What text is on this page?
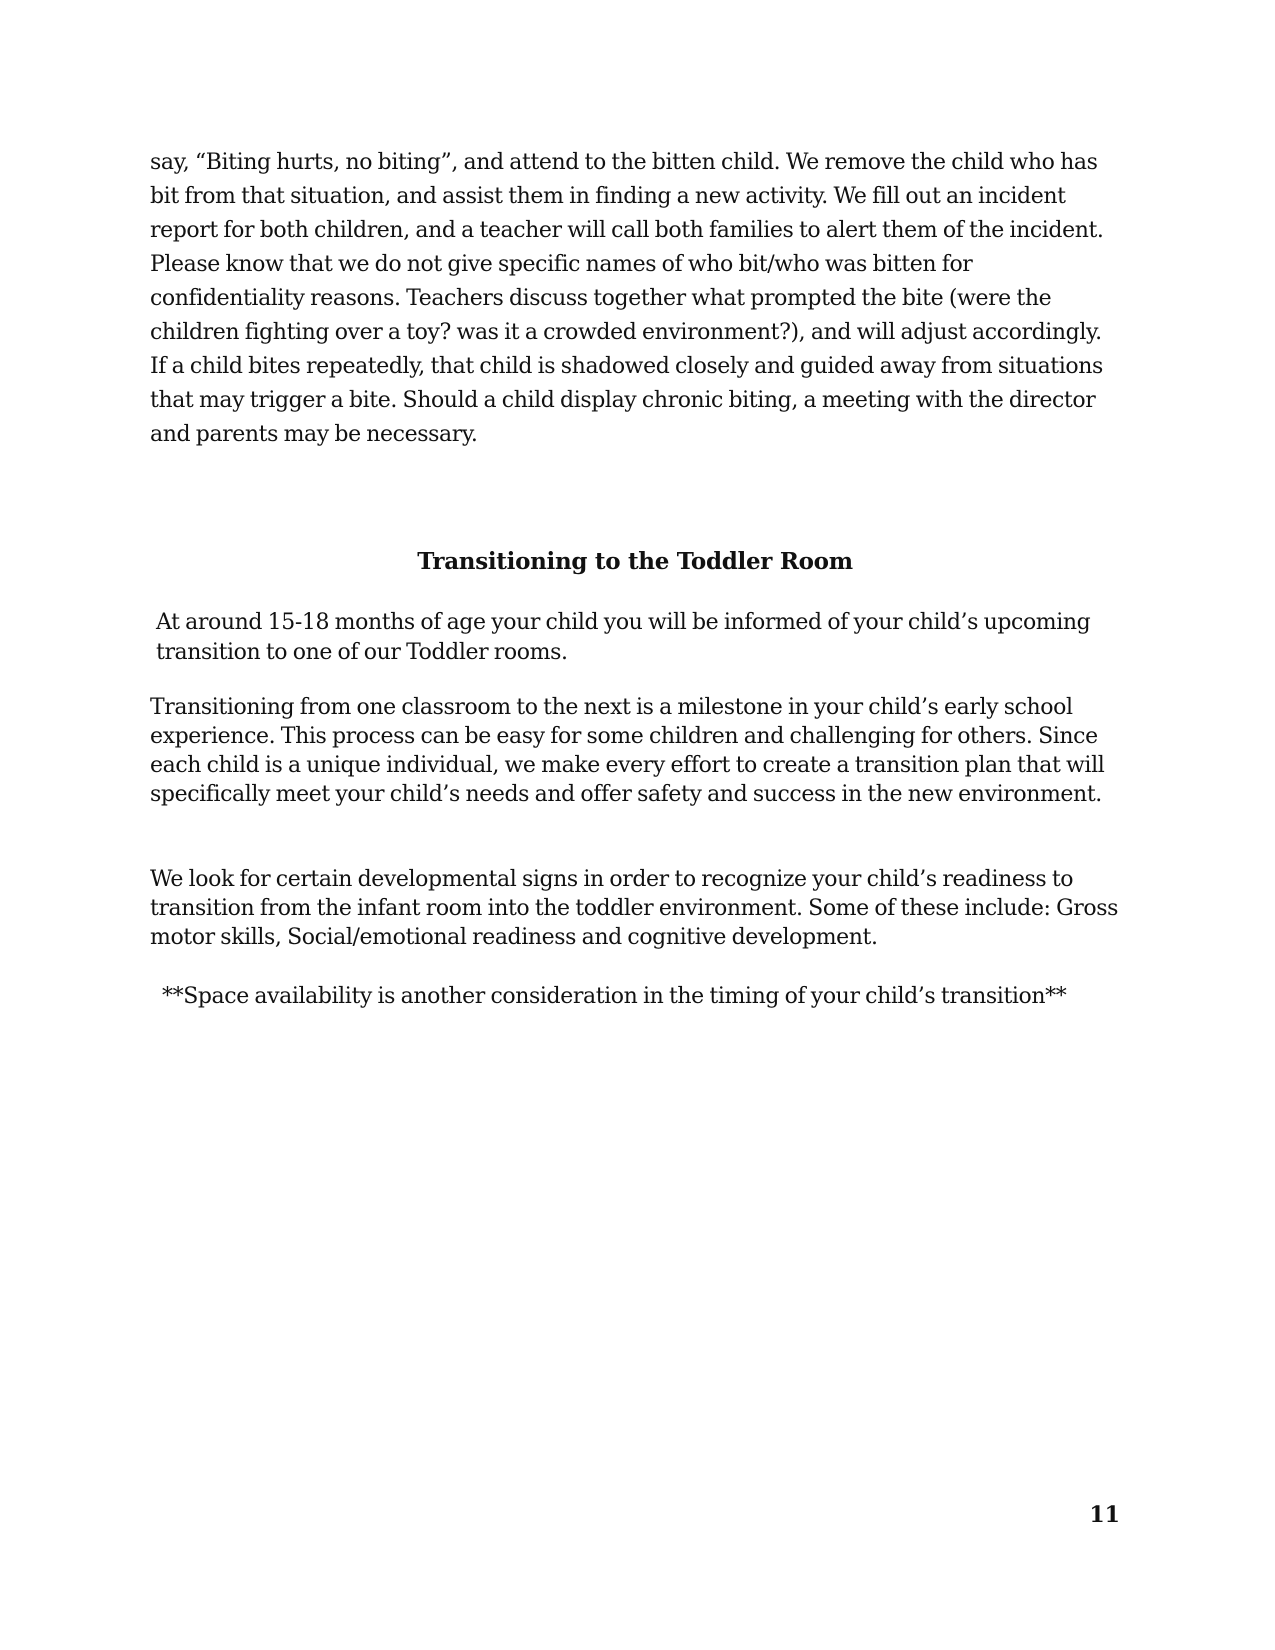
say, “Biting hurts, no biting”, and attend to the bitten child. We remove the child who has bit from that situation, and assist them in finding a new activity. We fill out an incident report for both children, and a teacher will call both families to alert them of the incident. Please know that we do not give specific names of who bit/who was bitten for confidentiality reasons. Teachers discuss together what prompted the bite (were the children fighting over a toy? was it a crowded environment?), and will adjust accordingly. If a child bites repeatedly, that child is shadowed closely and guided away from situations that may trigger a bite. Should a child display chronic biting, a meeting with the director and parents may be necessary.

Transitioning to the Toddler Room

At around 15-18 months of age your child you will be informed of your child’s upcoming transition to one of our Toddler rooms.

Transitioning from one classroom to the next is a milestone in your child’s early school experience. This process can be easy for some children and challenging for others. Since each child is a unique individual, we make every effort to create a transition plan that will specifically meet your child’s needs and offer safety and success in the new environment.

We look for certain developmental signs in order to recognize your child’s readiness to transition from the infant room into the toddler environment. Some of these include: Gross motor skills, Social/emotional readiness and cognitive development.

**Space availability is another consideration in the timing of your child’s transition**

11
